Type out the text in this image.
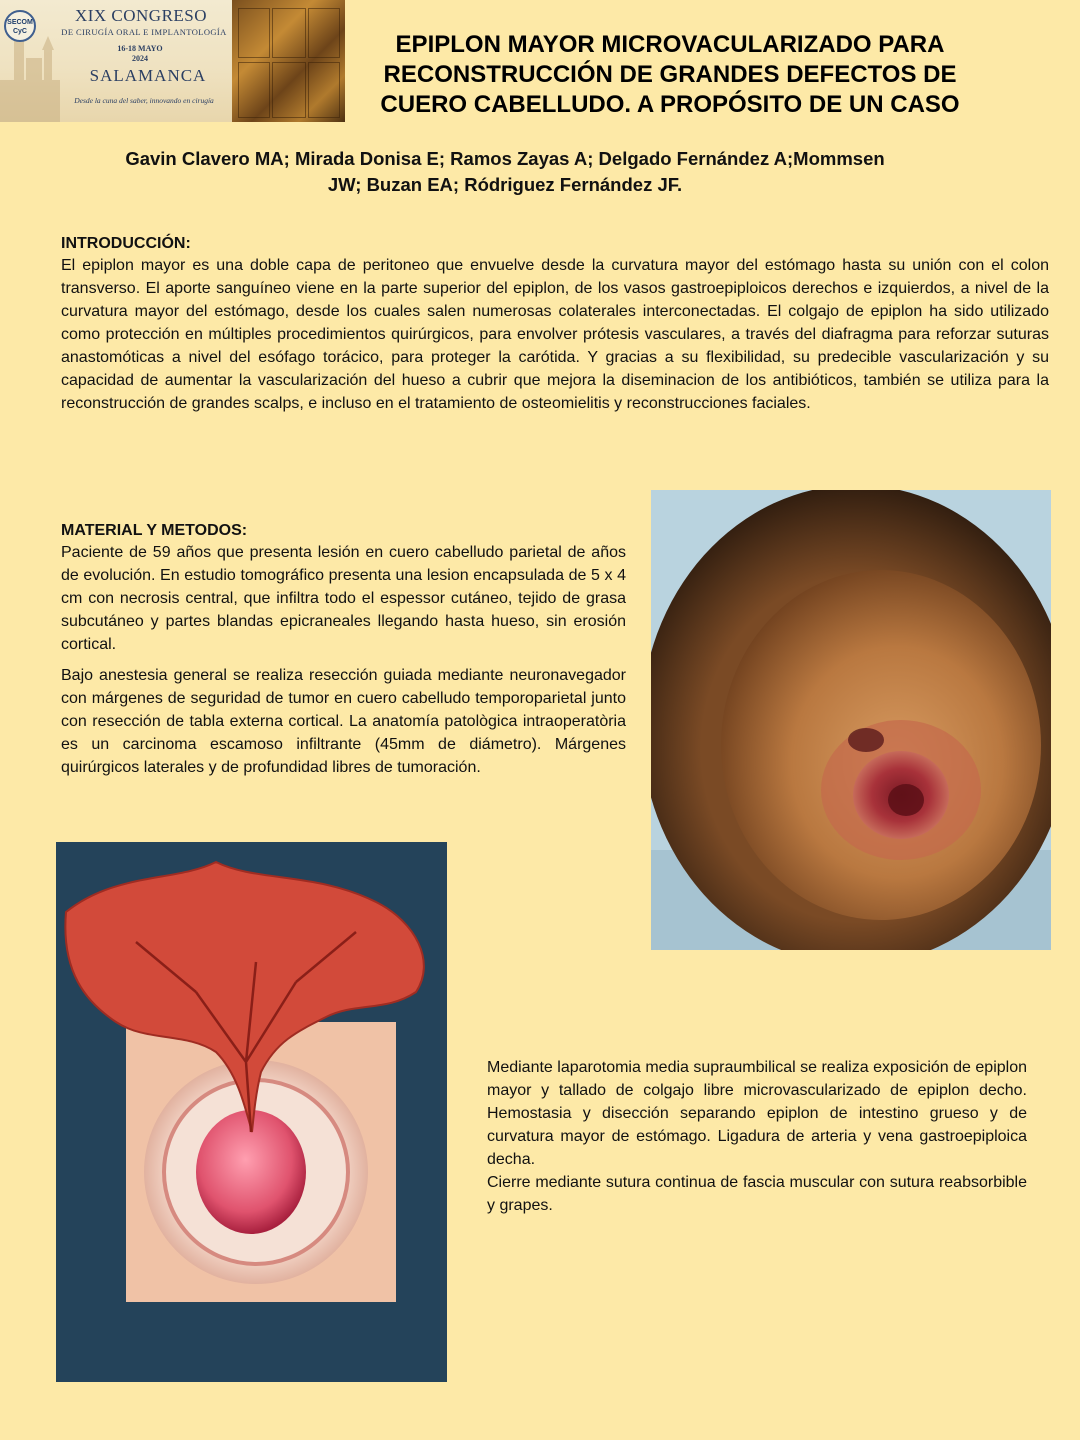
SECOM CyC
XIX CONGRESO
DE CIRUGÍA ORAL E IMPLANTOLOGÍA
16-18 MAYO
2024
SALAMANCA
Desde la cuna del saber, innovando en cirugía
EPIPLON MAYOR MICROVACULARIZADO PARA
RECONSTRUCCIÓN DE GRANDES DEFECTOS DE
CUERO CABELLUDO. A PROPÓSITO DE UN CASO
Gavin Clavero MA; Mirada Donisa E; Ramos Zayas A; Delgado Fernández A;Mommsen
JW; Buzan EA; Ródriguez Fernández JF.
INTRODUCCIÓN:

El epiplon mayor es una doble capa de peritoneo que envuelve desde la curvatura mayor del estómago hasta su unión con el colon transverso. El aporte sanguíneo viene en la parte superior del epiplon, de los vasos gastroepiploicos derechos e izquierdos, a nivel de la curvatura mayor del estómago, desde los cuales salen numerosas colaterales interconectadas. El colgajo de epiplon ha sido utilizado como protección en múltiples procedimientos quirúrgicos, para envolver prótesis vasculares, a través del diafragma para reforzar suturas anastomóticas a nivel del esófago torácico, para proteger la carótida. Y gracias a su flexibilidad, su predecible vascularización y su capacidad de aumentar la vascularización del hueso a cubrir que mejora la diseminacion de los antibióticos, también se utiliza para la reconstrucción de grandes scalps, e incluso en el tratamiento de osteomielitis y reconstrucciones faciales.

MATERIAL Y METODOS:

Paciente de 59 años que presenta lesión en cuero cabelludo parietal de años de evolución. En estudio tomográfico presenta una lesion encapsulada de 5 x 4 cm con necrosis central, que infiltra todo el espessor cutáneo, tejido de grasa subcutáneo y partes blandas epicraneales llegando hasta hueso, sin erosión cortical.

Bajo anestesia general se realiza resección guiada mediante neuronavegador con márgenes de seguridad de tumor en cuero cabelludo temporoparietal junto con resección de tabla externa cortical. La anatomía patològica intraoperatòria es un carcinoma escamoso infiltrante (45mm de diámetro). Márgenes quirúrgicos laterales y de profundidad libres de tumoración.

Mediante laparotomia media supraumbilical se realiza exposición de epiplon mayor y tallado de colgajo libre microvascularizado de epiplon decho. Hemostasia y disección separando epiplon de intestino grueso y de curvatura mayor de estómago. Ligadura de arteria y vena gastroepiploica decha.

Cierre mediante sutura continua de fascia muscular con sutura reabsorbible y grapes.
